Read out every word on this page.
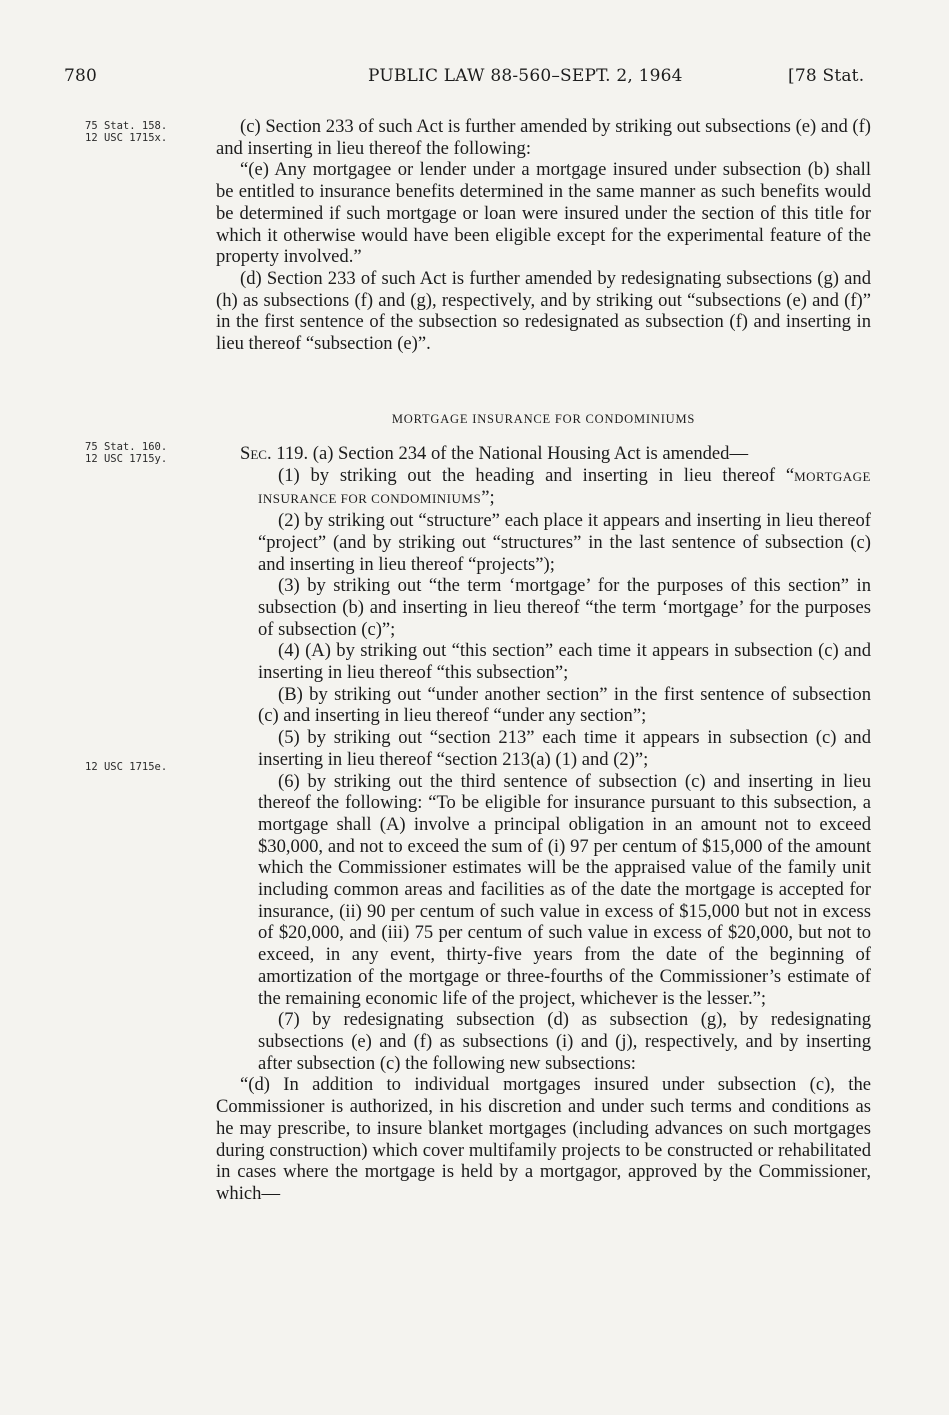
780	PUBLIC LAW 88-560–SEPT. 2, 1964	[78 Stat.
75 Stat. 158.
12 USC 1715x.
75 Stat. 160.
12 USC 1715y.
12 USC 1715e.

(c) Section 233 of such Act is further amended by striking out subsections (e) and (f) and inserting in lieu thereof the following:

“(e) Any mortgagee or lender under a mortgage insured under subsection (b) shall be entitled to insurance benefits determined in the same manner as such benefits would be determined if such mortgage or loan were insured under the section of this title for which it otherwise would have been eligible except for the experimental feature of the property involved.”

(d) Section 233 of such Act is further amended by redesignating subsections (g) and (h) as subsections (f) and (g), respectively, and by striking out “subsections (e) and (f)” in the first sentence of the subsection so redesignated as subsection (f) and inserting in lieu thereof “subsection (e)”.

MORTGAGE INSURANCE FOR CONDOMINIUMS

Sec. 119. (a) Section 234 of the National Housing Act is amended—

(1) by striking out the heading and inserting in lieu thereof “MORTGAGE INSURANCE FOR CONDOMINIUMS”;

(2) by striking out “structure” each place it appears and inserting in lieu thereof “project” (and by striking out “structures” in the last sentence of subsection (c) and inserting in lieu thereof “projects”);

(3) by striking out “the term ‘mortgage’ for the purposes of this section” in subsection (b) and inserting in lieu thereof “the term ‘mortgage’ for the purposes of subsection (c)”;

(4) (A) by striking out “this section” each time it appears in subsection (c) and inserting in lieu thereof “this subsection”;

(B) by striking out “under another section” in the first sentence of subsection (c) and inserting in lieu thereof “under any section”;

(5) by striking out “section 213” each time it appears in subsection (c) and inserting in lieu thereof “section 213(a) (1) and (2)”;

(6) by striking out the third sentence of subsection (c) and inserting in lieu thereof the following: “To be eligible for insurance pursuant to this subsection, a mortgage shall (A) involve a principal obligation in an amount not to exceed $30,000, and not to exceed the sum of (i) 97 per centum of $15,000 of the amount which the Commissioner estimates will be the appraised value of the family unit including common areas and facilities as of the date the mortgage is accepted for insurance, (ii) 90 per centum of such value in excess of $15,000 but not in excess of $20,000, and (iii) 75 per centum of such value in excess of $20,000, but not to exceed, in any event, thirty-five years from the date of the beginning of amortization of the mortgage or three-fourths of the Commissioner’s estimate of the remaining economic life of the project, whichever is the lesser.”;

(7) by redesignating subsection (d) as subsection (g), by redesignating subsections (e) and (f) as subsections (i) and (j), respectively, and by inserting after subsection (c) the following new subsections:

“(d) In addition to individual mortgages insured under subsection (c), the Commissioner is authorized, in his discretion and under such terms and conditions as he may prescribe, to insure blanket mortgages (including advances on such mortgages during construction) which cover multifamily projects to be constructed or rehabilitated in cases where the mortgage is held by a mortgagor, approved by the Commissioner, which—
